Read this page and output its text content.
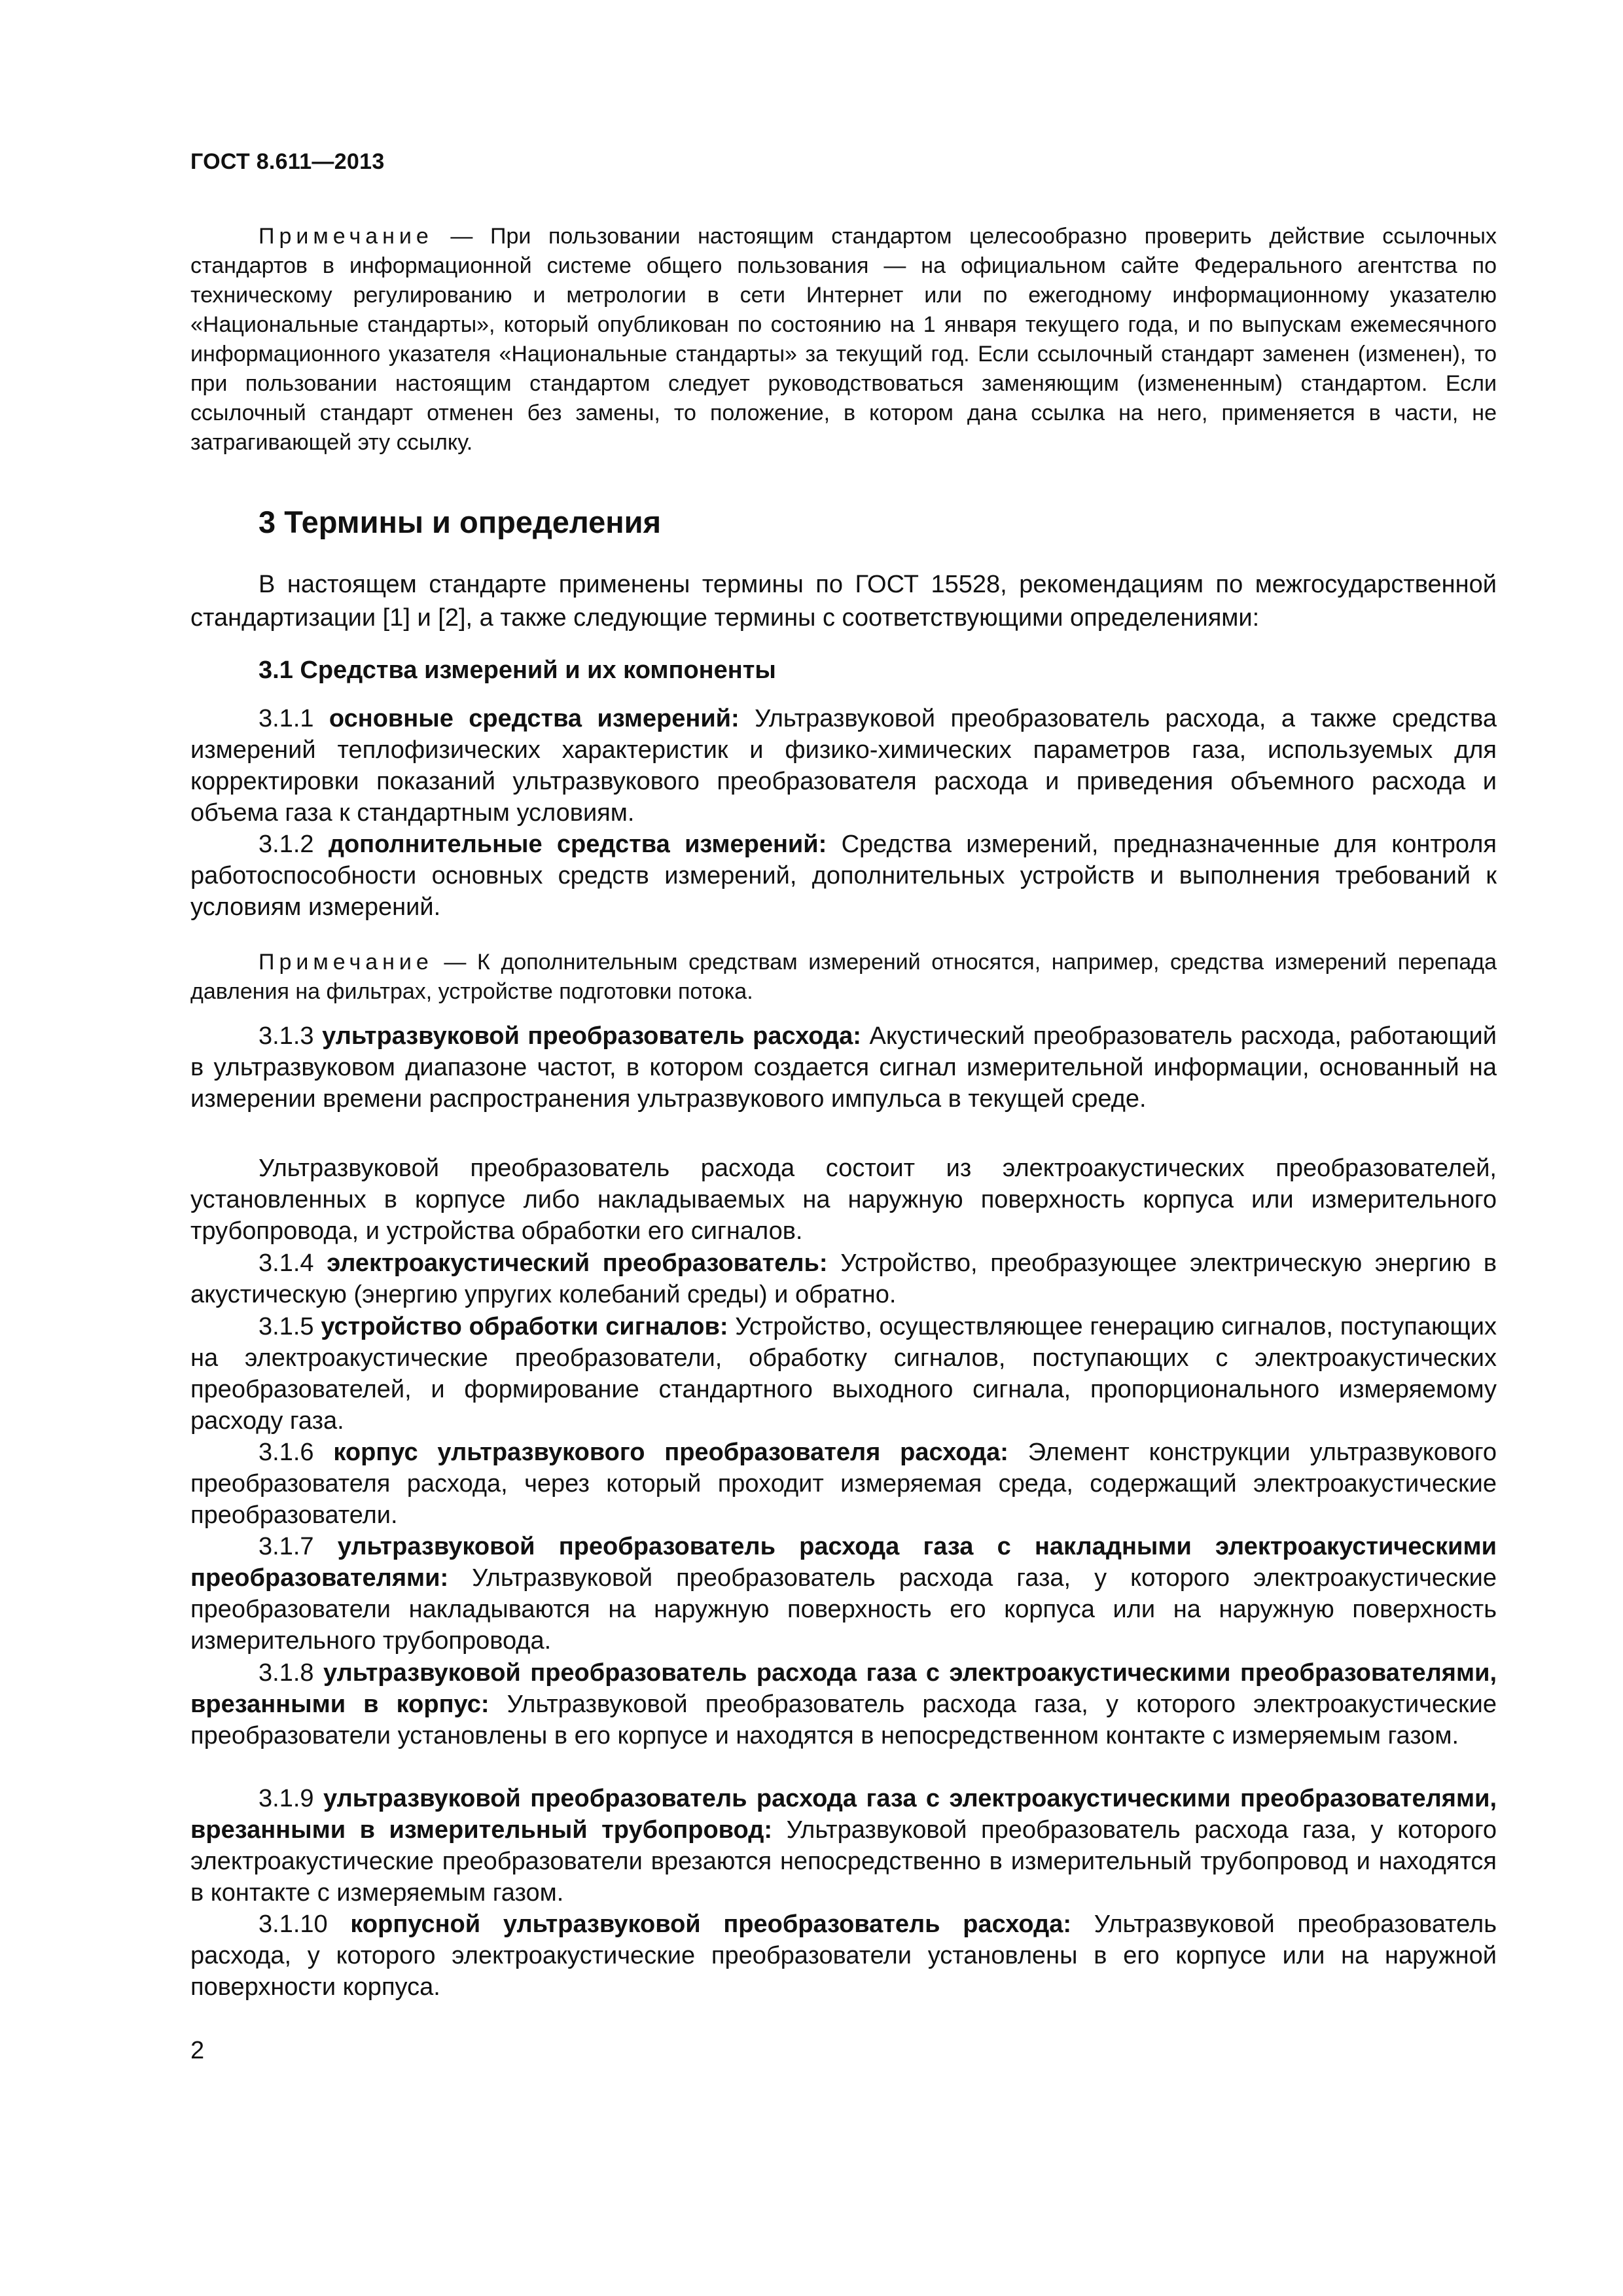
ГОСТ 8.611—2013

Примечание — При пользовании настоящим стандартом целесообразно проверить действие ссылочных стандартов в информационной системе общего пользования — на официальном сайте Федерального агентства по техническому регулированию и метрологии в сети Интернет или по ежегодному информационному указателю «Национальные стандарты», который опубликован по состоянию на 1 января текущего года, и по выпускам ежемесячного информационного указателя «Национальные стандарты» за текущий год. Если ссылочный стандарт заменен (изменен), то при пользовании настоящим стандартом следует руководствоваться заменяющим (измененным) стандартом. Если ссылочный стандарт отменен без замены, то положение, в котором дана ссылка на него, применяется в части, не затрагивающей эту ссылку.

3 Термины и определения

В настоящем стандарте применены термины по ГОСТ 15528, рекомендациям по межгосударственной стандартизации [1] и [2], а также следующие термины с соответствующими определениями:

3.1 Средства измерений и их компоненты

3.1.1 основные средства измерений: Ультразвуковой преобразователь расхода, а также средства измерений теплофизических характеристик и физико-химических параметров газа, используемых для корректировки показаний ультразвукового преобразователя расхода и приведения объемного расхода и объема газа к стандартным условиям.

3.1.2 дополнительные средства измерений: Средства измерений, предназначенные для контроля работоспособности основных средств измерений, дополнительных устройств и выполнения требований к условиям измерений.

Примечание — К дополнительным средствам измерений относятся, например, средства измерений перепада давления на фильтрах, устройстве подготовки потока.

3.1.3 ультразвуковой преобразователь расхода: Акустический преобразователь расхода, работающий в ультразвуковом диапазоне частот, в котором создается сигнал измерительной информации, основанный на измерении времени распространения ультразвукового импульса в текущей среде.

Ультразвуковой преобразователь расхода состоит из электроакустических преобразователей, установленных в корпусе либо накладываемых на наружную поверхность корпуса или измерительного трубопровода, и устройства обработки его сигналов.

3.1.4 электроакустический преобразователь: Устройство, преобразующее электрическую энергию в акустическую (энергию упругих колебаний среды) и обратно.

3.1.5 устройство обработки сигналов: Устройство, осуществляющее генерацию сигналов, поступающих на электроакустические преобразователи, обработку сигналов, поступающих с электроакустических преобразователей, и формирование стандартного выходного сигнала, пропорционального измеряемому расходу газа.

3.1.6 корпус ультразвукового преобразователя расхода: Элемент конструкции ультразвукового преобразователя расхода, через который проходит измеряемая среда, содержащий электроакустические преобразователи.

3.1.7 ультразвуковой преобразователь расхода газа с накладными электроакустическими преобразователями: Ультразвуковой преобразователь расхода газа, у которого электроакустические преобразователи накладываются на наружную поверхность его корпуса или на наружную поверхность измерительного трубопровода.

3.1.8 ультразвуковой преобразователь расхода газа с электроакустическими преобразователями, врезанными в корпус: Ультразвуковой преобразователь расхода газа, у которого электроакустические преобразователи установлены в его корпусе и находятся в непосредственном контакте с измеряемым газом.

3.1.9 ультразвуковой преобразователь расхода газа с электроакустическими преобразователями, врезанными в измерительный трубопровод: Ультразвуковой преобразователь расхода газа, у которого электроакустические преобразователи врезаются непосредственно в измерительный трубопровод и находятся в контакте с измеряемым газом.

3.1.10 корпусной ультразвуковой преобразователь расхода: Ультразвуковой преобразователь расхода, у которого электроакустические преобразователи установлены в его корпусе или на наружной поверхности корпуса.

2
